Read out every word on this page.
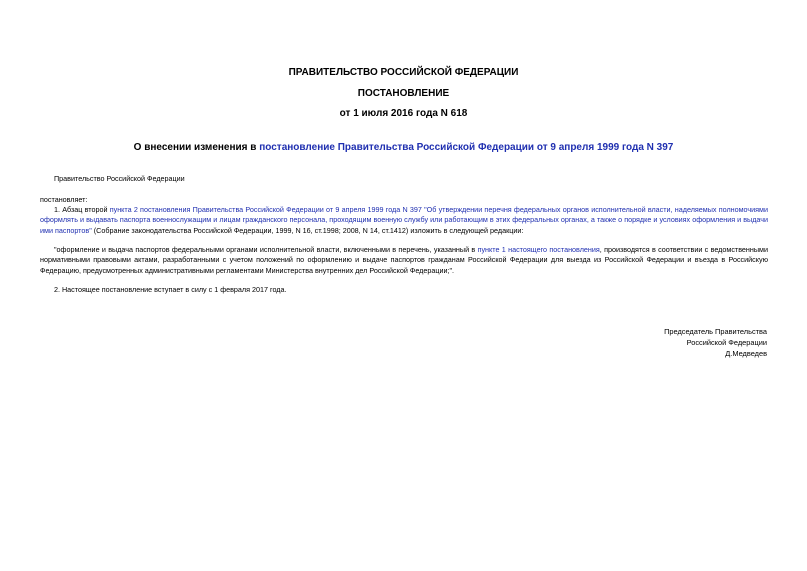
ПРАВИТЕЛЬСТВО РОССИЙСКОЙ ФЕДЕРАЦИИ
ПОСТАНОВЛЕНИЕ
от 1 июля 2016 года N 618
О внесении изменения в постановление Правительства Российской Федерации от 9 апреля 1999 года N 397
Правительство Российской Федерации
постановляет:
1. Абзац второй пункта 2 постановления Правительства Российской Федерации от 9 апреля 1999 года N 397 "Об утверждении перечня федеральных органов исполнительной власти, наделяемых полномочиями оформлять и выдавать паспорта военнослужащим и лицам гражданского персонала, проходящим военную службу или работающим в этих федеральных органах, а также о порядке и условиях оформления и выдачи ими паспортов" (Собрание законодательства Российской Федерации, 1999, N 16, ст.1998; 2008, N 14, ст.1412) изложить в следующей редакции:
"оформление и выдача паспортов федеральными органами исполнительной власти, включенными в перечень, указанный в пункте 1 настоящего постановления, производятся в соответствии с ведомственными нормативными правовыми актами, разработанными с учетом положений по оформлению и выдаче паспортов гражданам Российской Федерации для выезда из Российской Федерации и въезда в Российскую Федерацию, предусмотренных административными регламентами Министерства внутренних дел Российской Федерации;".
2. Настоящее постановление вступает в силу с 1 февраля 2017 года.
Председатель Правительства
Российской Федерации
Д.Медведев
